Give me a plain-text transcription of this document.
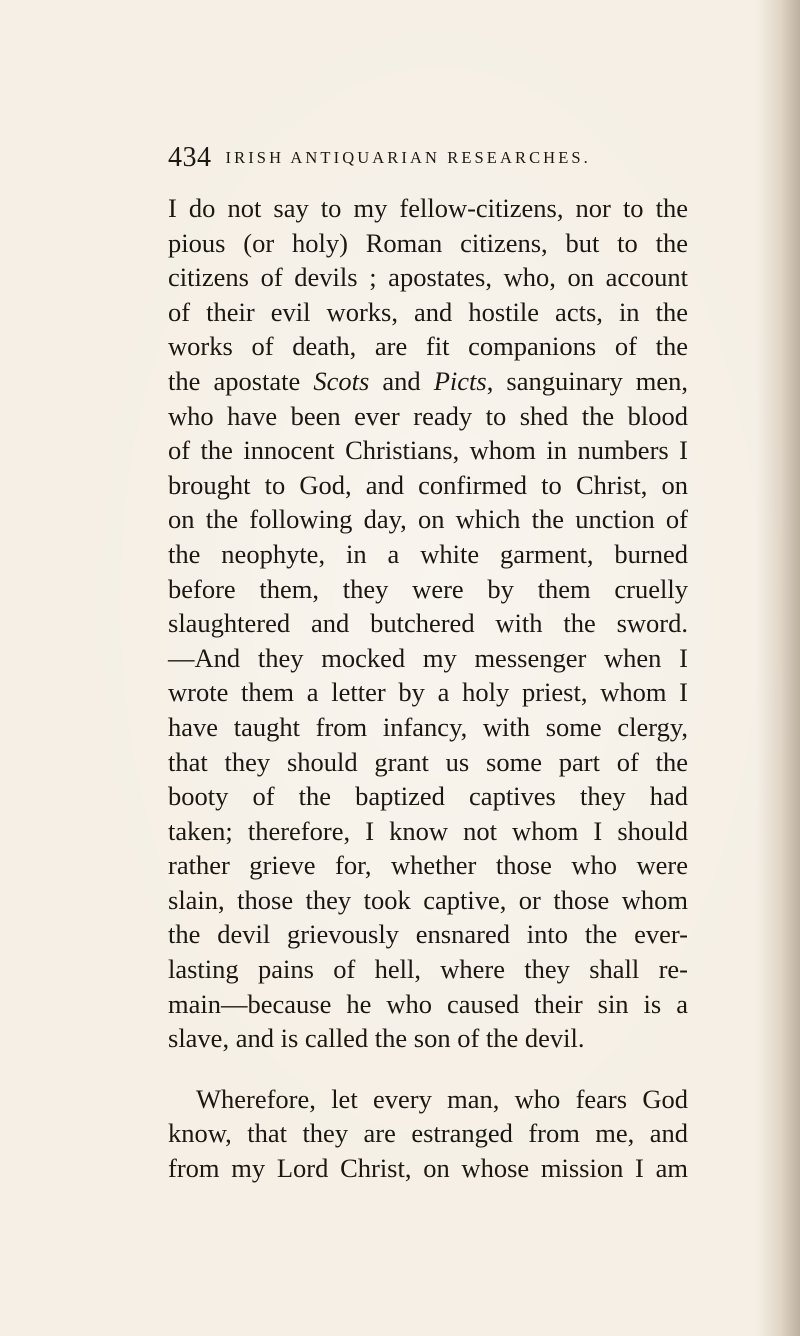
434 IRISH ANTIQUARIAN RESEARCHES.
I do not say to my fellow-citizens, nor to the
pious (or holy) Roman citizens, but to the
citizens of devils ; apostates, who, on account
of their evil works, and hostile acts, in the
works of death, are fit companions of the
the apostate Scots and Picts, sanguinary men,
who have been ever ready to shed the blood
of the innocent Christians, whom in numbers I
brought to God, and confirmed to Christ, on
on the following day, on which the unction of
the neophyte, in a white garment, burned
before them, they were by them cruelly
slaughtered and butchered with the sword.
—And they mocked my messenger when I
wrote them a letter by a holy priest, whom I
have taught from infancy, with some clergy,
that they should grant us some part of the
booty of the baptized captives they had
taken; therefore, I know not whom I should
rather grieve for, whether those who were
slain, those they took captive, or those whom
the devil grievously ensnared into the ever-
lasting pains of hell, where they shall re-
main—because he who caused their sin is a
slave, and is called the son of the devil.
Wherefore, let every man, who fears God
know, that they are estranged from me, and
from my Lord Christ, on whose mission I am
